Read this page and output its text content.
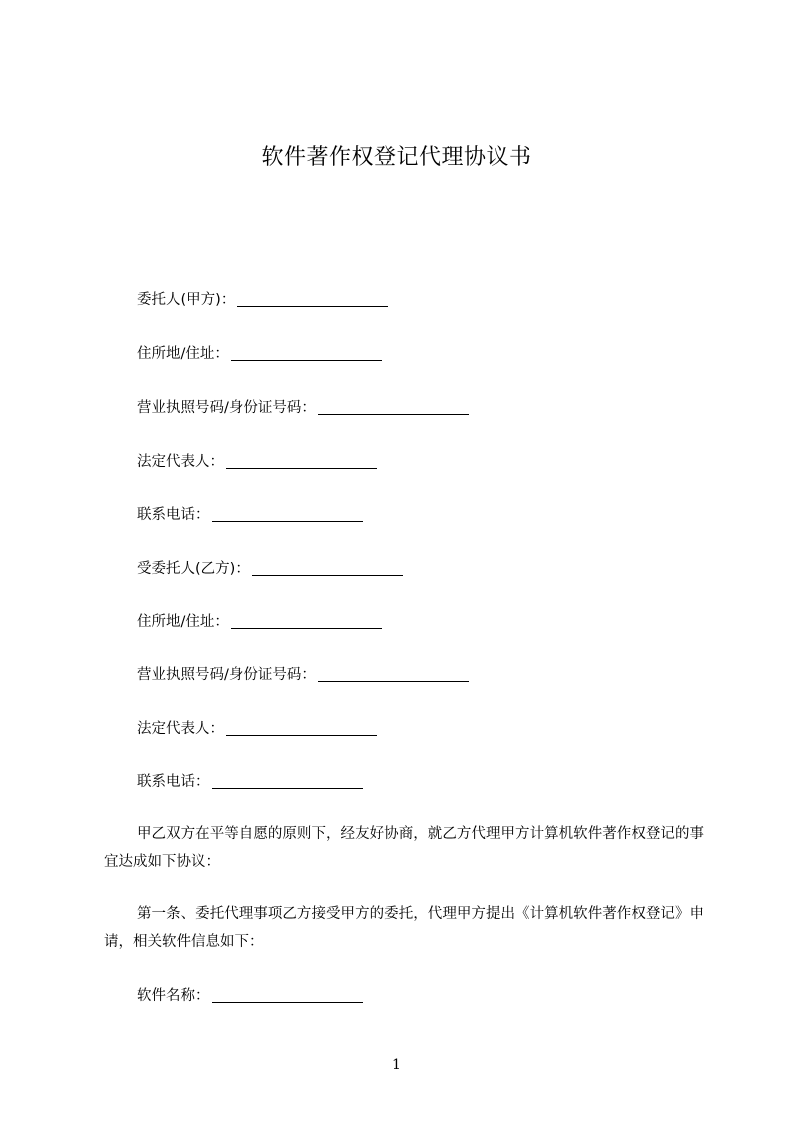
软件著作权登记代理协议书
委托人(甲方)：
住所地/住址：
营业执照号码/身份证号码：
法定代表人：
联系电话：
受委托人(乙方)：
住所地/住址：
营业执照号码/身份证号码：
法定代表人：
联系电话：
甲乙双方在平等自愿的原则下，经友好协商，就乙方代理甲方计算机软件著作权登记的事宜达成如下协议：
第一条、委托代理事项乙方接受甲方的委托，代理甲方提出《计算机软件著作权登记》申请，相关软件信息如下：
软件名称：
1
